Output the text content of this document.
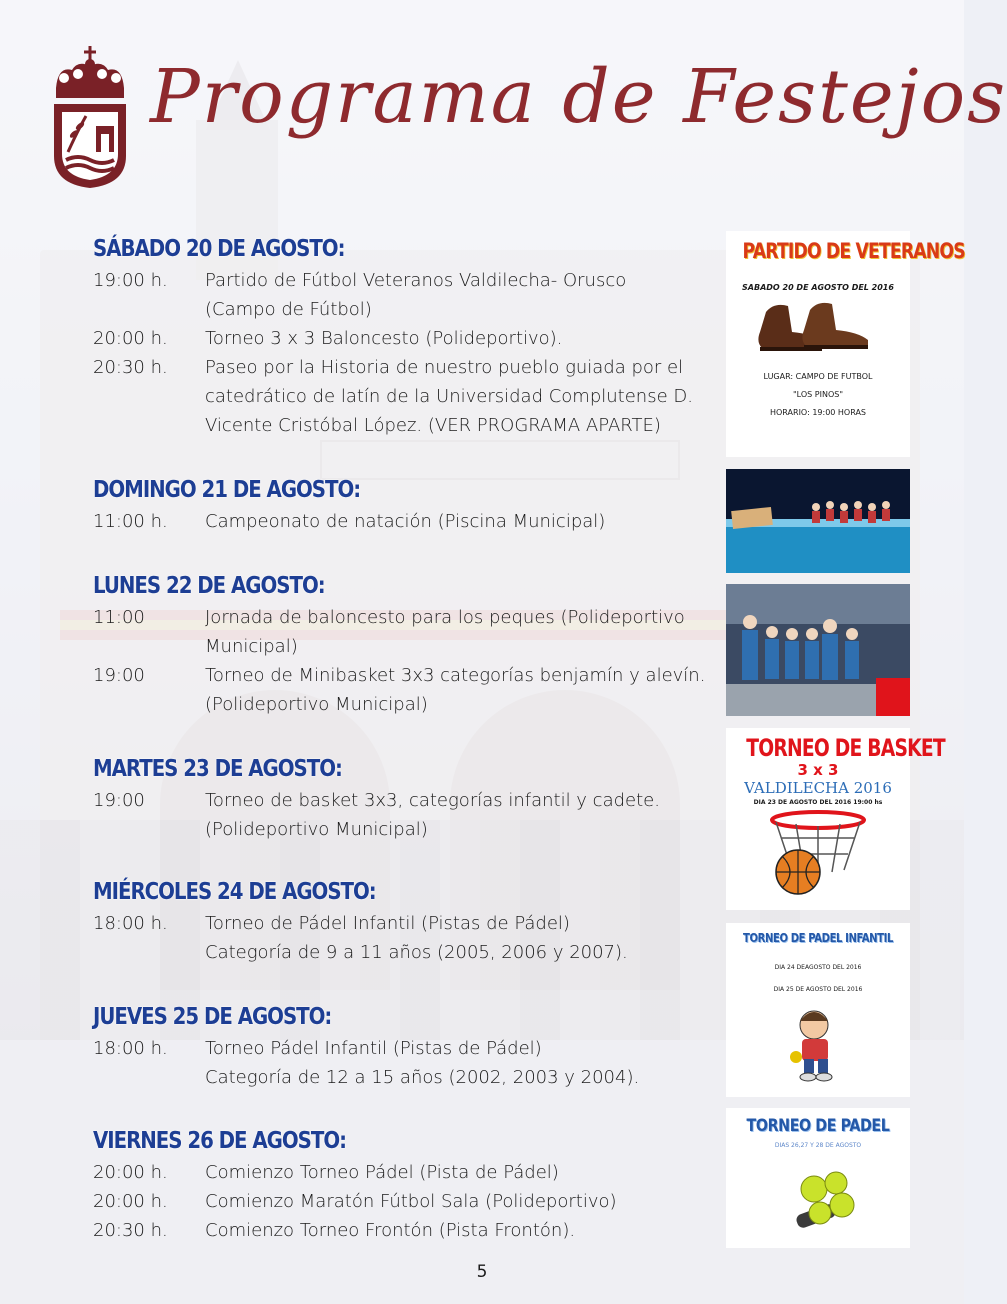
Programa de Festejos
SÁBADO 20 DE AGOSTO:
19:00 h.	Partido de Fútbol Veteranos Valdilecha- Orusco
(Campo de Fútbol)
20:00 h.	Torneo 3 x 3 Baloncesto (Polideportivo).
20:30 h.	Paseo por la Historia de nuestro pueblo guiada por el
catedrático de latín de la Universidad Complutense D.
Vicente Cristóbal López. (VER PROGRAMA APARTE)
DOMINGO 21 DE AGOSTO:
11:00 h.	Campeonato de natación (Piscina Municipal)
LUNES 22 DE AGOSTO:
11:00	Jornada de baloncesto para los peques (Polideportivo
Municipal)
19:00	Torneo de Minibasket 3x3 categorías benjamín y alevín.
(Polideportivo Municipal)
MARTES 23 DE AGOSTO:
19:00	Torneo de basket 3x3, categorías infantil y cadete.
(Polideportivo Municipal)
MIÉRCOLES 24 DE AGOSTO:
18:00 h.	Torneo de Pádel Infantil (Pistas de Pádel)
Categoría de 9 a 11 años (2005, 2006 y 2007).
JUEVES 25 DE AGOSTO:
18:00 h.	Torneo Pádel Infantil (Pistas de Pádel)
Categoría de 12 a 15 años (2002, 2003 y 2004).
VIERNES 26 DE AGOSTO:
20:00 h.	Comienzo Torneo Pádel (Pista de Pádel)
20:00 h.	Comienzo Maratón Fútbol Sala (Polideportivo)
20:30 h.	Comienzo Torneo Frontón (Pista Frontón).
PARTIDO DE VETERANOS
SABADO 20 DE AGOSTO DEL 2016
LUGAR: CAMPO DE FUTBOL
"LOS PINOS"
HORARIO: 19:00 HORAS
TORNEO DE BASKET
3 x 3
VALDILECHA 2016
DIA 23 DE AGOSTO DEL 2016 19:00 hs
TORNEO DE PADEL INFANTIL
DIA 24 DEAGOSTO DEL 2016
DIA 25 DE AGOSTO DEL 2016
TORNEO DE PADEL
DIAS 26,27 Y 28 DE AGOSTO
5
